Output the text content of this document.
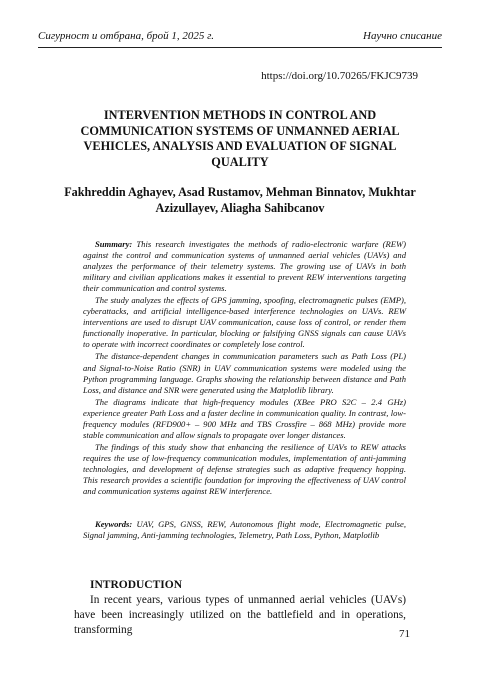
Сигурност и отбрана, брой 1, 2025 г.	Научно списание
https://doi.org/10.70265/FKJC9739
INTERVENTION METHODS IN CONTROL AND COMMUNICATION SYSTEMS OF UNMANNED AERIAL VEHICLES, ANALYSIS AND EVALUATION OF SIGNAL QUALITY

Fakhreddin Aghayev, Asad Rustamov, Mehman Binnatov, Mukhtar Azizullayev, Aliagha Sahibcanov

Summary: This research investigates the methods of radio-electronic warfare (REW) against the control and communication systems of unmanned aerial vehicles (UAVs) and analyzes the performance of their telemetry systems. The growing use of UAVs in both military and civilian applications makes it essential to prevent REW interventions targeting their communication and control systems.

The study analyzes the effects of GPS jamming, spoofing, electromagnetic pulses (EMP), cyberattacks, and artificial intelligence-based interference technologies on UAVs. REW interventions are used to disrupt UAV communication, cause loss of control, or render them functionally inoperative. In particular, blocking or falsifying GNSS signals can cause UAVs to operate with incorrect coordinates or completely lose control.

The distance-dependent changes in communication parameters such as Path Loss (PL) and Signal-to-Noise Ratio (SNR) in UAV communication systems were modeled using the Python programming language. Graphs showing the relationship between distance and Path Loss, and distance and SNR were generated using the Matplotlib library.

The diagrams indicate that high-frequency modules (XBee PRO S2C – 2.4 GHz) experience greater Path Loss and a faster decline in communication quality. In contrast, low-frequency modules (RFD900+ – 900 MHz and TBS Crossfire – 868 MHz) provide more stable communication and allow signals to propagate over longer distances.

The findings of this study show that enhancing the resilience of UAVs to REW attacks requires the use of low-frequency communication modules, implementation of anti-jamming technologies, and development of defense strategies such as adaptive frequency hopping. This research provides a scientific foundation for improving the effectiveness of UAV control and communication systems against REW interference.

Keywords: UAV, GPS, GNSS, REW, Autonomous flight mode, Electromagnetic pulse, Signal jamming, Anti-jamming technologies, Telemetry, Path Loss, Python, Matplotlib

INTRODUCTION

In recent years, various types of unmanned aerial vehicles (UAVs) have been increasingly utilized on the battlefield and in operations, transforming	71
